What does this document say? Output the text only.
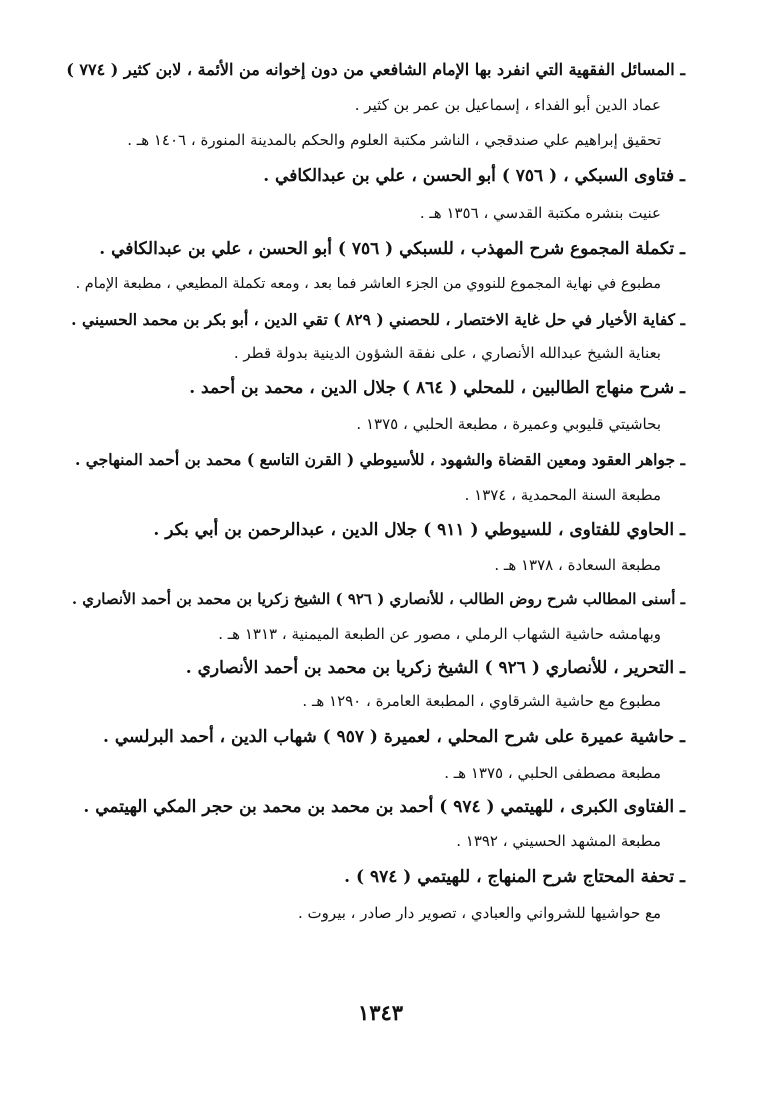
ـ المسائل الفقهية التي انفرد بها الإمام الشافعي من دون إخوانه من الأئمة ، لابن كثير ( ٧٧٤ )
عماد الدين أبو الفداء ، إسماعيل بن عمر بن كثير .
تحقيق إبراهيم علي صندقجي ، الناشر مكتبة العلوم والحكم بالمدينة المنورة ، ١٤٠٦ هـ .
ـ فتاوى السبكي ، ( ٧٥٦ ) أبو الحسن ، علي بن عبدالكافي .
عنيت بنشره مكتبة القدسي ، ١٣٥٦ هـ .
ـ تكملة المجموع شرح المهذب ، للسبكي ( ٧٥٦ ) أبو الحسن ، علي بن عبدالكافي .
مطبوع في نهاية المجموع للنووي من الجزء العاشر فما بعد ، ومعه تكملة المطيعي ، مطبعة الإمام .
ـ كفاية الأخيار في حل غاية الاختصار ، للحصني ( ٨٢٩ ) تقي الدين ، أبو بكر بن محمد الحسيني .
بعناية الشيخ عبدالله الأنصاري ، على نفقة الشؤون الدينية بدولة قطر .
ـ شرح منهاج الطالبين ، للمحلي ( ٨٦٤ ) جلال الدين ، محمد بن أحمد .
بحاشيتي قليوبي وعميرة ، مطبعة الحلبي ، ١٣٧٥ .
ـ جواهر العقود ومعين القضاة والشهود ، للأسيوطي ( القرن التاسع ) محمد بن أحمد المنهاجي .
مطبعة السنة المحمدية ، ١٣٧٤ .
ـ الحاوي للفتاوى ، للسيوطي ( ٩١١ ) جلال الدين ، عبدالرحمن بن أبي بكر .
مطبعة السعادة ، ١٣٧٨ هـ .
ـ أسنى المطالب شرح روض الطالب ، للأنصاري ( ٩٢٦ ) الشيخ زكريا بن محمد بن أحمد الأنصاري .
وبهامشه حاشية الشهاب الرملي ، مصور عن الطبعة الميمنية ، ١٣١٣ هـ .
ـ التحرير ، للأنصاري ( ٩٢٦ ) الشيخ زكريا بن محمد بن أحمد الأنصاري .
مطبوع مع حاشية الشرقاوي ، المطبعة العامرة ، ١٢٩٠ هـ .
ـ حاشية عميرة على شرح المحلي ، لعميرة ( ٩٥٧ ) شهاب الدين ، أحمد البرلسي .
مطبعة مصطفى الحلبي ، ١٣٧٥ هـ .
ـ الفتاوى الكبرى ، للهيتمي ( ٩٧٤ ) أحمد بن محمد بن محمد بن حجر المكي الهيتمي .
مطبعة المشهد الحسيني ، ١٣٩٢ .
ـ تحفة المحتاج شرح المنهاج ، للهيتمي ( ٩٧٤ ) .
مع حواشيها للشرواني والعبادي ، تصوير دار صادر ، بيروت .
١٣٤٣
